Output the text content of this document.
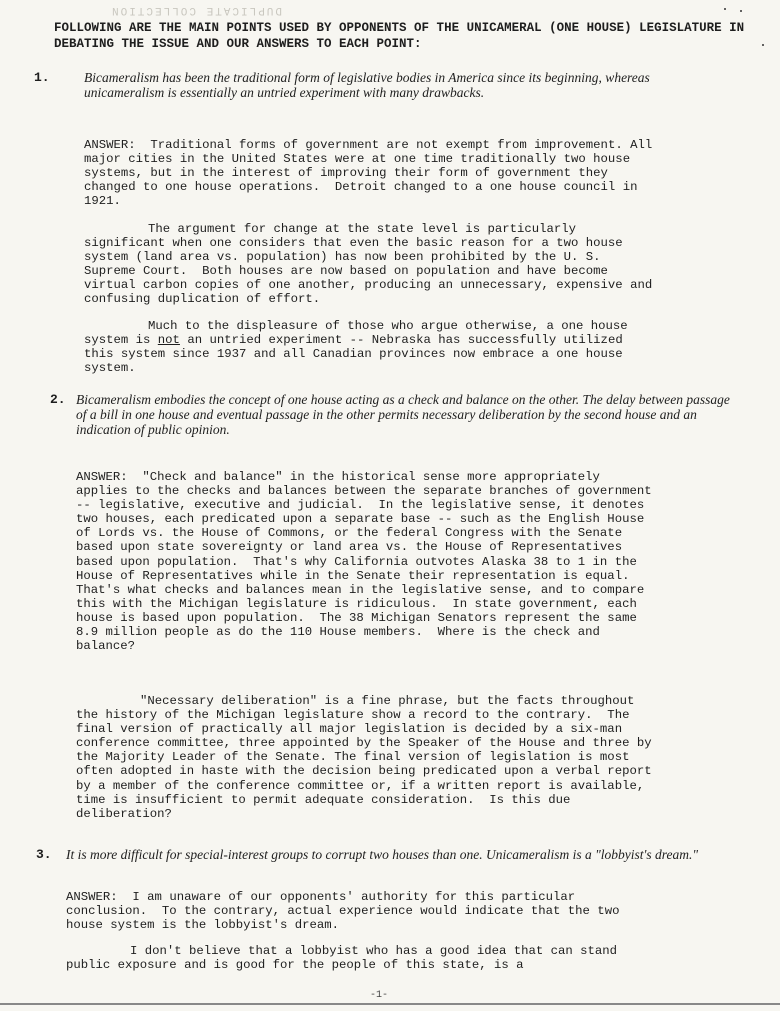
DUPLICATE COLLECTION
FOLLOWING ARE THE MAIN POINTS USED BY OPPONENTS OF THE UNICAMERAL (ONE HOUSE) LEGISLATURE IN DEBATING THE ISSUE AND OUR ANSWERS TO EACH POINT:
1.	Bicameralism has been the traditional form of legislative bodies in America since its beginning, whereas unicameralism is essentially an untried experiment with many drawbacks.
ANSWER: Traditional forms of government are not exempt from improvement. All major cities in the United States were at one time traditionally two house systems, but in the interest of improving their form of government they changed to one house operations.  Detroit changed to a one house council in 1921.
The argument for change at the state level is particularly significant when one considers that even the basic reason for a two house system (land area vs. population) has now been prohibited by the U. S. Supreme Court.  Both houses are now based on population and have become virtual carbon copies of one another, producing an unnecessary, expensive and confusing duplication of effort.
Much to the displeasure of those who argue otherwise, a one house system is not an untried experiment -- Nebraska has successfully utilized this system since 1937 and all Canadian provinces now embrace a one house system.
2. Bicameralism embodies the concept of one house acting as a check and balance on the other. The delay between passage of a bill in one house and eventual passage in the other permits necessary deliberation by the second house and an indication of public opinion.
ANSWER: "Check and balance" in the historical sense more appropriately applies to the checks and balances between the separate branches of government -- legislative, executive and judicial.  In the legislative sense, it denotes two houses, each predicated upon a separate base -- such as the English House of Lords vs. the House of Commons, or the federal Congress with the Senate based upon state sovereignty or land area vs. the House of Representatives based upon population.  That's why California outvotes Alaska 38 to 1 in the House of Representatives while in the Senate their representation is equal.  That's what checks and balances mean in the legislative sense, and to compare this with the Michigan legislature is ridiculous.  In state government, each house is based upon population.  The 38 Michigan Senators represent the same 8.9 million people as do the 110 House members.  Where is the check and balance?
"Necessary deliberation" is a fine phrase, but the facts throughout the history of the Michigan legislature show a record to the contrary.  The final version of practically all major legislation is decided by a six-man conference committee, three appointed by the Speaker of the House and three by the Majority Leader of the Senate. The final version of legislation is most often adopted in haste with the decision being predicated upon a verbal report by a member of the conference committee or, if a written report is available, time is insufficient to permit adequate consideration.  Is this due deliberation?
3. It is more difficult for special-interest groups to corrupt two houses than one. Unicameralism is a "lobbyist's dream."
ANSWER: I am unaware of our opponents' authority for this particular conclusion.  To the contrary, actual experience would indicate that the two house system is the lobbyist's dream.
I don't believe that a lobbyist who has a good idea that can stand public exposure and is good for the people of this state, is a
-1-
